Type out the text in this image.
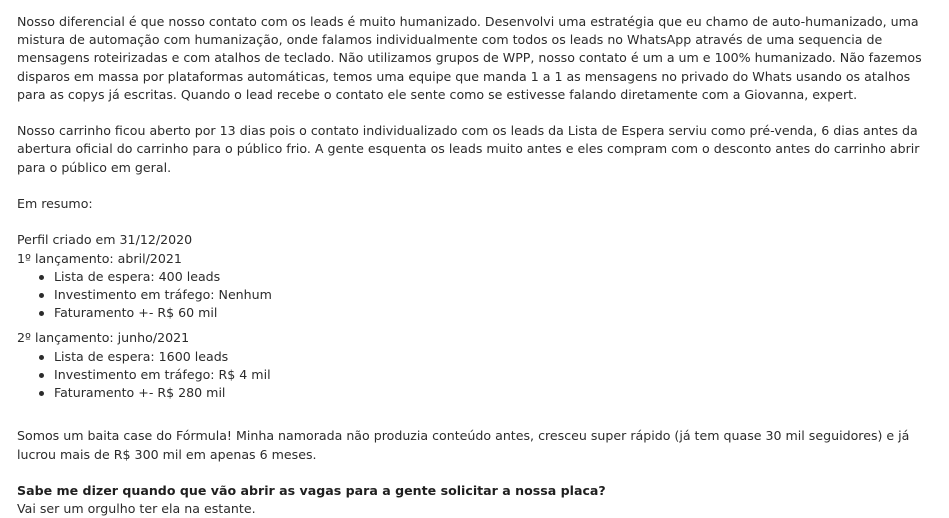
Nosso diferencial é que nosso contato com os leads é muito humanizado. Desenvolvi uma estratégia que eu chamo de auto-humanizado, uma mistura de automação com humanização, onde falamos individualmente com todos os leads no WhatsApp através de uma sequencia de mensagens roteirizadas e com atalhos de teclado. Não utilizamos grupos de WPP, nosso contato é um a um e 100% humanizado. Não fazemos disparos em massa por plataformas automáticas, temos uma equipe que manda 1 a 1 as mensagens no privado do Whats usando os atalhos para as copys já escritas. Quando o lead recebe o contato ele sente como se estivesse falando diretamente com a Giovanna, expert.

Nosso carrinho ficou aberto por 13 dias pois o contato individualizado com os leads da Lista de Espera serviu como pré-venda, 6 dias antes da abertura oficial do carrinho para o público frio. A gente esquenta os leads muito antes e eles compram com o desconto antes do carrinho abrir para o público em geral.

Em resumo:

Perfil criado em 31/12/2020

1º lançamento: abril/2021

Lista de espera: 400 leads
Investimento em tráfego: Nenhum
Faturamento +- R$ 60 mil

2º lançamento: junho/2021

Lista de espera: 1600 leads
Investimento em tráfego: R$ 4 mil
Faturamento +- R$ 280 mil

Somos um baita case do Fórmula! Minha namorada não produzia conteúdo antes, cresceu super rápido (já tem quase 30 mil seguidores) e já lucrou mais de R$ 300 mil em apenas 6 meses.

Sabe me dizer quando que vão abrir as vagas para a gente solicitar a nossa placa?

Vai ser um orgulho ter ela na estante.
